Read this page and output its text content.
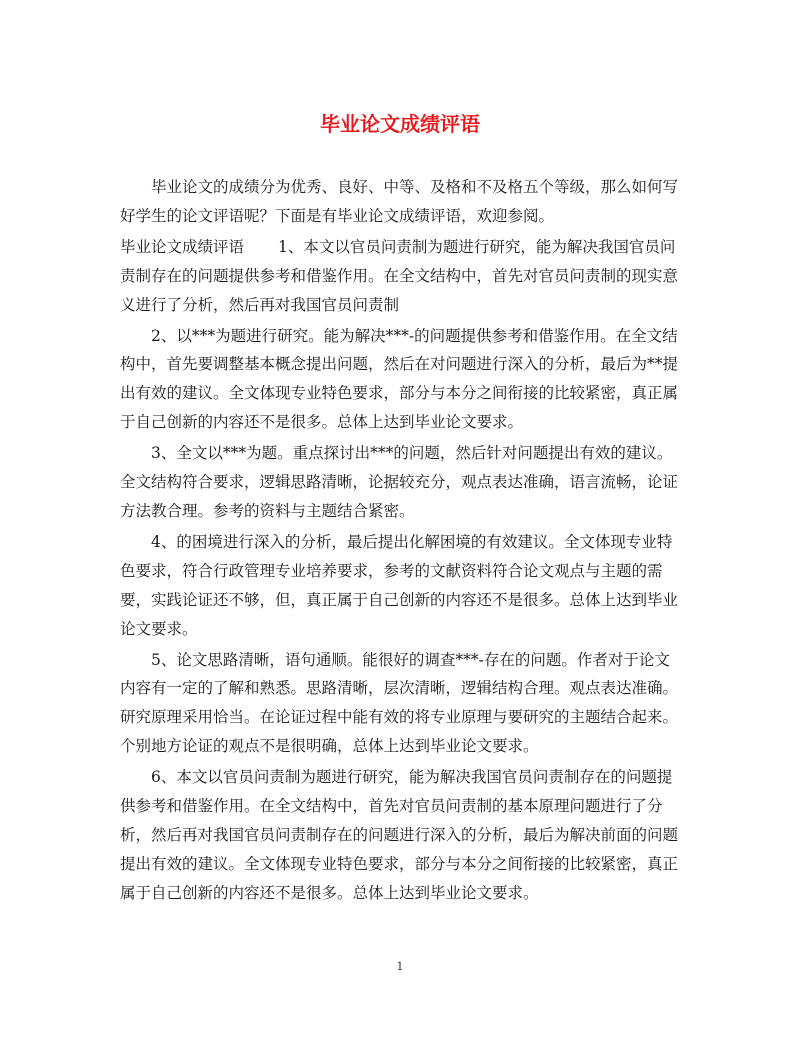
毕业论文成绩评语

毕业论文的成绩分为优秀、良好、中等、及格和不及格五个等级，那么如何写好学生的论文评语呢？下面是有毕业论文成绩评语，欢迎参阅。

毕业论文成绩评语 1、本文以官员问责制为题进行研究，能为解决我国官员问责制存在的问题提供参考和借鉴作用。在全文结构中，首先对官员问责制的现实意义进行了分析，然后再对我国官员问责制

2、以***为题进行研究。能为解决***-的问题提供参考和借鉴作用。在全文结构中，首先要调整基本概念提出问题，然后在对问题进行深入的分析，最后为**提出有效的建议。全文体现专业特色要求，部分与本分之间衔接的比较紧密，真正属于自己创新的内容还不是很多。总体上达到毕业论文要求。

3、全文以***为题。重点探讨出***的问题，然后针对问题提出有效的建议。全文结构符合要求，逻辑思路清晰，论据较充分，观点表达准确，语言流畅，论证方法教合理。参考的资料与主题结合紧密。

4、的困境进行深入的分析，最后提出化解困境的有效建议。全文体现专业特色要求，符合行政管理专业培养要求，参考的文献资料符合论文观点与主题的需要，实践论证还不够，但，真正属于自己创新的内容还不是很多。总体上达到毕业论文要求。

5、论文思路清晰，语句通顺。能很好的调查***-存在的问题。作者对于论文内容有一定的了解和熟悉。思路清晰，层次清晰，逻辑结构合理。观点表达准确。研究原理采用恰当。在论证过程中能有效的将专业原理与要研究的主题结合起来。个别地方论证的观点不是很明确，总体上达到毕业论文要求。

6、本文以官员问责制为题进行研究，能为解决我国官员问责制存在的问题提供参考和借鉴作用。在全文结构中，首先对官员问责制的基本原理问题进行了分析，然后再对我国官员问责制存在的问题进行深入的分析，最后为解决前面的问题提出有效的建议。全文体现专业特色要求，部分与本分之间衔接的比较紧密，真正属于自己创新的内容还不是很多。总体上达到毕业论文要求。

1
